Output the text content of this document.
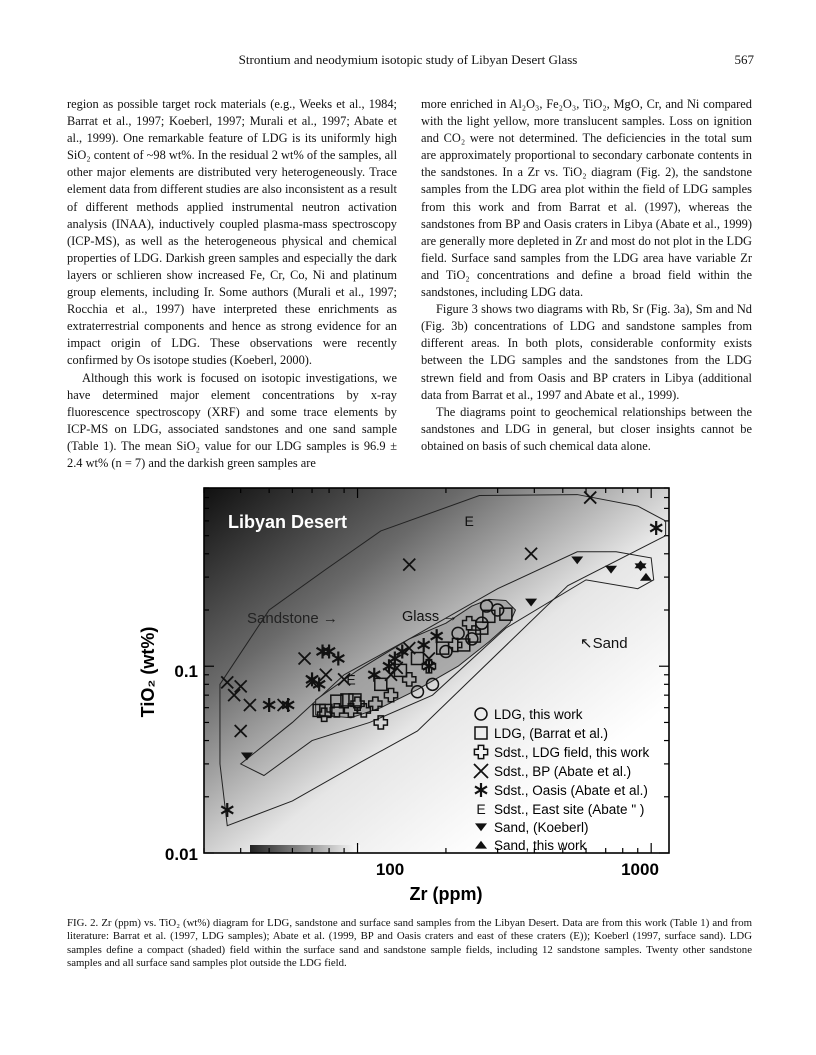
Strontium and neodymium isotopic study of Libyan Desert Glass	567

region as possible target rock materials (e.g., Weeks et al., 1984; Barrat et al., 1997; Koeberl, 1997; Murali et al., 1997; Abate et al., 1999). One remarkable feature of LDG is its uniformly high SiO₂ content of ~98 wt%. In the residual 2 wt% of the samples, all other major elements are distributed very heterogeneously. Trace element data from different studies are also inconsistent as a result of different methods applied instrumental neutron activation analysis (INAA), inductively coupled plasma-mass spectroscopy (ICP-MS), as well as the heterogeneous physical and chemical properties of LDG. Darkish green samples and especially the dark layers or schlieren show increased Fe, Cr, Co, Ni and platinum group elements, including Ir. Some authors (Murali et al., 1997; Rocchia et al., 1997) have interpreted these enrichments as extraterrestrial components and hence as strong evidence for an impact origin of LDG. These observations were recently confirmed by Os isotope studies (Koeberl, 2000).

Although this work is focused on isotopic investigations, we have determined major element concentrations by x-ray fluorescence spectroscopy (XRF) and some trace elements by ICP-MS on LDG, associated sandstones and one sand sample (Table 1). The mean SiO₂ value for our LDG samples is 96.9 ± 2.4 wt% (n = 7) and the darkish green samples are

more enriched in Al₂O₃, Fe₂O₃, TiO₂, MgO, Cr, and Ni compared with the light yellow, more translucent samples. Loss on ignition and CO₂ were not determined. The deficiencies in the total sum are approximately proportional to secondary carbonate contents in the sandstones. In a Zr vs. TiO₂ diagram (Fig. 2), the sandstone samples from the LDG area plot within the field of LDG samples from this work and from Barrat et al. (1997), whereas the sandstones from BP and Oasis craters in Libya (Abate et al., 1999) are generally more depleted in Zr and most do not plot in the LDG field. Surface sand samples from the LDG area have variable Zr and TiO₂ concentrations and define a broad field within the sandstones, including LDG data.

Figure 3 shows two diagrams with Rb, Sr (Fig. 3a), Sm and Nd (Fig. 3b) concentrations of LDG and sandstone samples from different areas. In both plots, considerable conformity exists between the LDG samples and the sandstones from the LDG strewn field and from Oasis and BP craters in Libya (additional data from Barrat et al., 1997 and Abate et al., 1999).

The diagrams point to geochemical relationships between the sandstones and LDG in general, but closer insights cannot be obtained on basis of such chemical data alone.

E
E
Libyan Desert
Sandstone →	Glass →
↖Sand
100	1000
0.01
0.1
Zr (ppm)
TiO₂ (wt%)	LDG, this work
LDG, (Barrat et al.)
Sdst., LDG field, this work
Sdst., BP (Abate et al.)
Sdst., Oasis (Abate et al.)
Sdst., East site (Abate " )
Sand, (Koeberl)
Sand, this work
E
FIG. 2. Zr (ppm) vs. TiO₂ (wt%) diagram for LDG, sandstone and surface sand samples from the Libyan Desert. Data are from this work (Table 1) and from literature: Barrat et al. (1997, LDG samples); Abate et al. (1999, BP and Oasis craters and east of these craters (E)); Koeberl (1997, surface sand). LDG samples define a compact (shaded) field within the surface sand and sandstone sample fields, including 12 sandstone samples. Twenty other sandstone samples and all surface sand samples plot outside the LDG field.
